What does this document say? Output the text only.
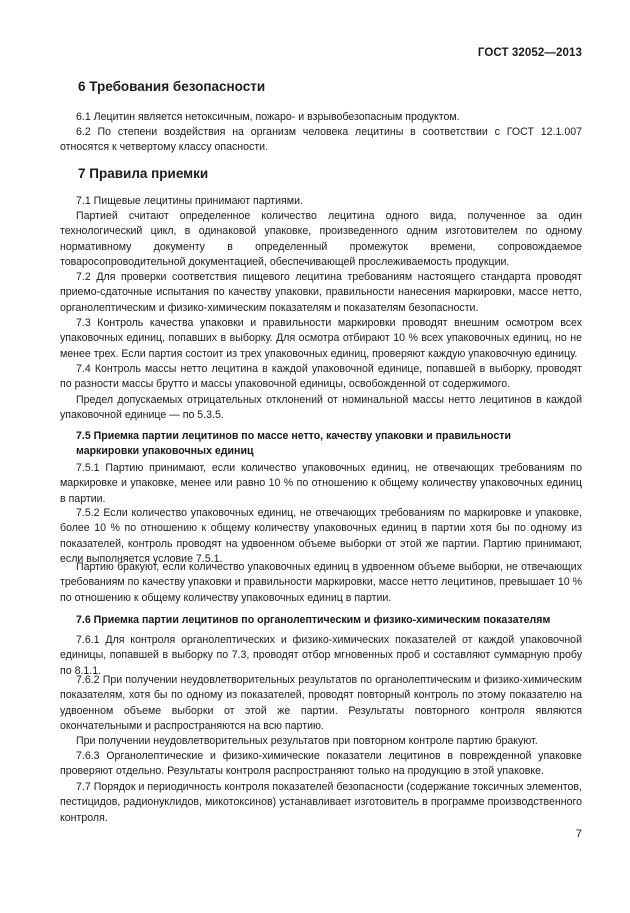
ГОСТ 32052—2013
6 Требования безопасности

6.1 Лецитин является нетоксичным, пожаро- и взрывобезопасным продуктом.

6.2 По степени воздействия на организм человека лецитины в соответствии с ГОСТ 12.1.007 относятся к четвертому классу опасности.

7 Правила приемки

7.1 Пищевые лецитины принимают партиями.

Партией считают определенное количество лецитина одного вида, полученное за один технологический цикл, в одинаковой упаковке, произведенного одним изготовителем по одному нормативному документу в определенный промежуток времени, сопровождаемое товаросопроводительной документацией, обеспечивающей прослеживаемость продукции.

7.2 Для проверки соответствия пищевого лецитина требованиям настоящего стандарта проводят приемо-сдаточные испытания по качеству упаковки, правильности нанесения маркировки, массе нетто, органолептическим и физико-химическим показателям и показателям безопасности.

7.3 Контроль качества упаковки и правильности маркировки проводят внешним осмотром всех упаковочных единиц, попавших в выборку. Для осмотра отбирают 10 % всех упаковочных единиц, но не менее трех. Если партия состоит из трех упаковочных единиц, проверяют каждую упаковочную единицу.

7.4 Контроль массы нетто лецитина в каждой упаковочной единице, попавшей в выборку, проводят по разности массы брутто и массы упаковочной единицы, освобожденной от содержимого.

Предел допускаемых отрицательных отклонений от номинальной массы нетто лецитинов в каждой упаковочной единице — по 5.3.5.

7.5 Приемка партии лецитинов по массе нетто, качеству упаковки и правильности
маркировки упаковочных единиц

7.5.1 Партию принимают, если количество упаковочных единиц, не отвечающих требованиям по маркировке и упаковке, менее или равно 10 % по отношению к общему количеству упаковочных единиц в партии.

7.5.2 Если количество упаковочных единиц, не отвечающих требованиям по маркировке и упаковке, более 10 % по отношению к общему количеству упаковочных единиц в партии хотя бы по одному из показателей, контроль проводят на удвоенном объеме выборки от этой же партии. Партию принимают, если выполняется условие 7.5.1.

Партию бракуют, если количество упаковочных единиц в удвоенном объеме выборки, не отвечающих требованиям по качеству упаковки и правильности маркировки, массе нетто лецитинов, превышает 10 % по отношению к общему количеству упаковочных единиц в партии.

7.6 Приемка партии лецитинов по органолептическим и физико-химическим показателям

7.6.1 Для контроля органолептических и физико-химических показателей от каждой упаковочной единицы, попавшей в выборку по 7.3, проводят отбор мгновенных проб и составляют суммарную пробу по 8.1.1.

7.6.2 При получении неудовлетворительных результатов по органолептическим и физико-химическим показателям, хотя бы по одному из показателей, проводят повторный контроль по этому показателю на удвоенном объеме выборки от этой же партии. Результаты повторного контроля являются окончательными и распространяются на всю партию.

При получении неудовлетворительных результатов при повторном контроле партию бракуют.

7.6.3 Органолептические и физико-химические показатели лецитинов в поврежденной упаковке проверяют отдельно. Результаты контроля распространяют только на продукцию в этой упаковке.

7.7 Порядок и периодичность контроля показателей безопасности (содержание токсичных элементов, пестицидов, радионуклидов, микотоксинов) устанавливает изготовитель в программе производственного контроля.

7
